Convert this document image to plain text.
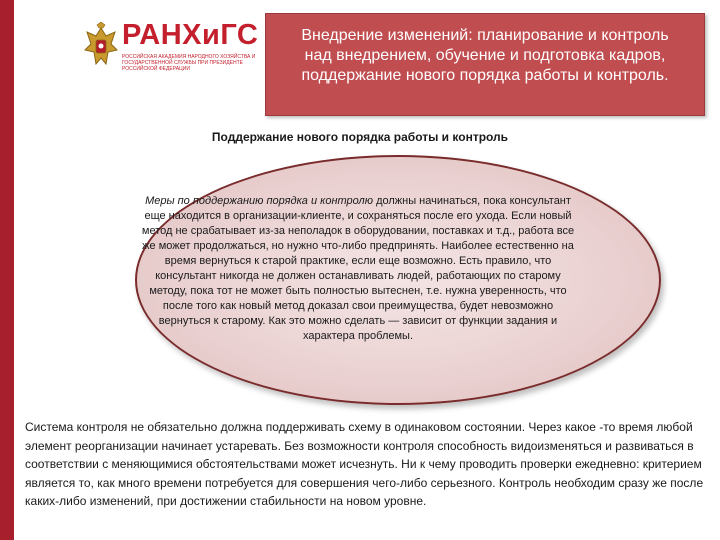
РАНХиГС
РОССИЙСКАЯ АКАДЕМИЯ НАРОДНОГО ХОЗЯЙСТВА И ГОСУДАРСТВЕННОЙ СЛУЖБЫ ПРИ ПРЕЗИДЕНТЕ РОССИЙСКОЙ ФЕДЕРАЦИИ
Внедрение изменений: планирование и контроль над внедрением, обучение и подготовка кадров, поддержание нового порядка работы и контроль.
Поддержание нового порядка работы и контроль
Меры по поддержанию порядка и контролю должны начинаться, пока консультант еще находится в организации-клиенте, и сохраняться после его ухода. Если новый метод не срабатывает из-за неполадок в оборудовании, поставках и т.д., работа все же может продолжаться, но нужно что-либо предпринять. Наиболее естественно на время вернуться к старой практике, если еще возможно. Есть правило, что консультант никогда не должен останавливать людей, работающих по старому методу, пока тот не может быть полностью вытеснен, т.е. нужна уверенность, что после того как новый метод доказал свои преимущества, будет невозможно вернуться к старому. Как это можно сделать — зависит от функции задания и характера проблемы.
Система контроля не обязательно должна поддерживать схему в одинаковом состоянии. Через какое -то время любой элемент реорганизации начинает устаревать. Без возможности контроля способность видоизменяться и развиваться в соответствии с меняющимися обстоятельствами может исчезнуть. Ни к чему проводить проверки ежедневно: критерием является то, как много времени потребуется для совершения чего-либо серьезного. Контроль необходим сразу же после каких-либо изменений, при достижении стабильности на новом уровне.
